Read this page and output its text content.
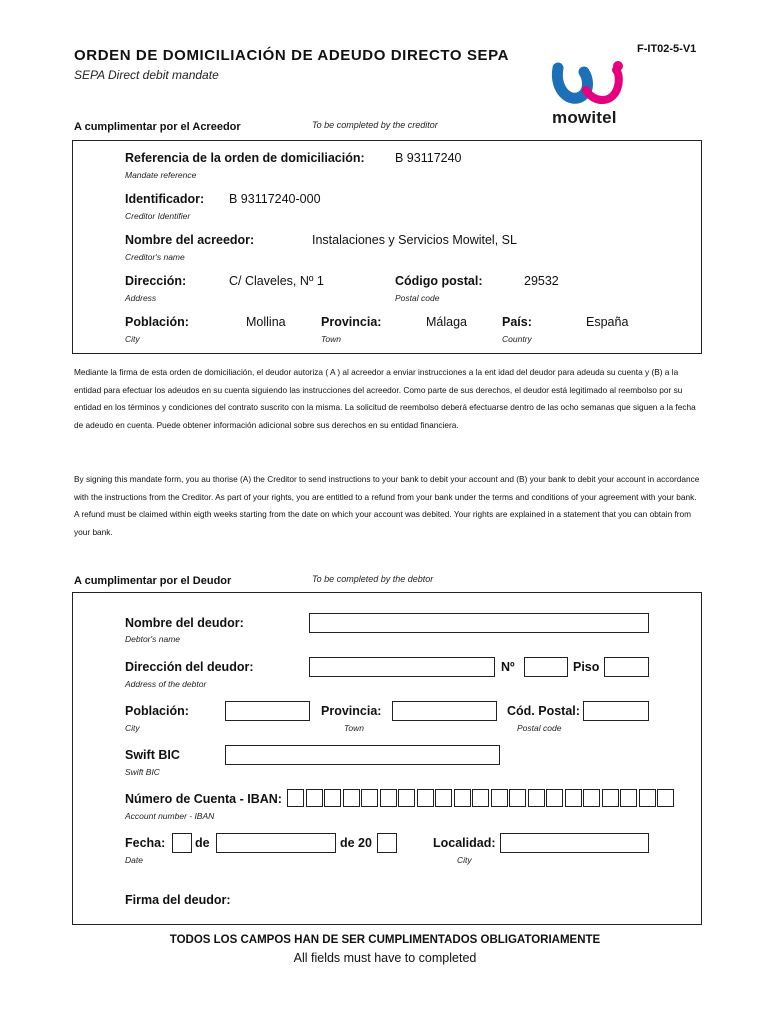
ORDEN DE DOMICILIACIÓN DE ADEUDO DIRECTO SEPA
SEPA Direct debit mandate
F-IT02-5-V1
mowitel
A cumplimentar por el Acreedor	To be completed by the creditor
Referencia de la orden de domiciliación: B 93117240
Mandate reference
Identificador: B 93117240-000
Creditor Identifier
Nombre del acreedor:	Instalaciones y Servicios Mowitel, SL
Creditor's name
Dirección:	C/ Claveles, Nº 1
Address
Código postal:	29532
Postal code
Población:	Mollina
City
Provincia:	Málaga
Town
País:	España
Country
Mediante la firma de esta orden de domiciliación, el deudor autoriza ( A ) al acreedor a enviar instrucciones a la ent idad del deudor para adeuda su cuenta y (B) a la entidad para efectuar los adeudos en su cuenta siguiendo las instrucciones del acreedor. Como parte de sus derechos, el deudor está legitimado al reembolso por su entidad en los términos y condiciones del contrato suscrito con la misma. La solicitud de reembolso deberá efectuarse dentro de las ocho semanas que siguen a la fecha de adeudo en cuenta. Puede obtener información adicional sobre sus derechos en su entidad financiera.
By signing this mandate form, you au thorise (A) the Creditor to send instructions to your bank to debit your account and (B) your bank to debit your account in accordance with the instructions from the Creditor. As part of your rights, you are entitled to a refund from your bank under the terms and conditions of your agreement with your bank. A refund must be claimed within eigth weeks starting from the date on which your account was debited. Your rights are explained in a statement that you can obtain from your bank.
A cumplimentar por el Deudor	To be completed by the debtor
Nombre del deudor:
Debtor's name
Dirección del deudor:
Address of the debtor
Nº	Piso
Población:
City
Provincia:
Town
Cód. Postal:
Postal code
Swift BIC
Swift BIC
Número de Cuenta - IBAN:
Account number - IBAN
Fecha:
Date
de	de 20	Localidad:
City
Firma del deudor:
TODOS LOS CAMPOS HAN DE SER CUMPLIMENTADOS OBLIGATORIAMENTE
All fields must have to completed
